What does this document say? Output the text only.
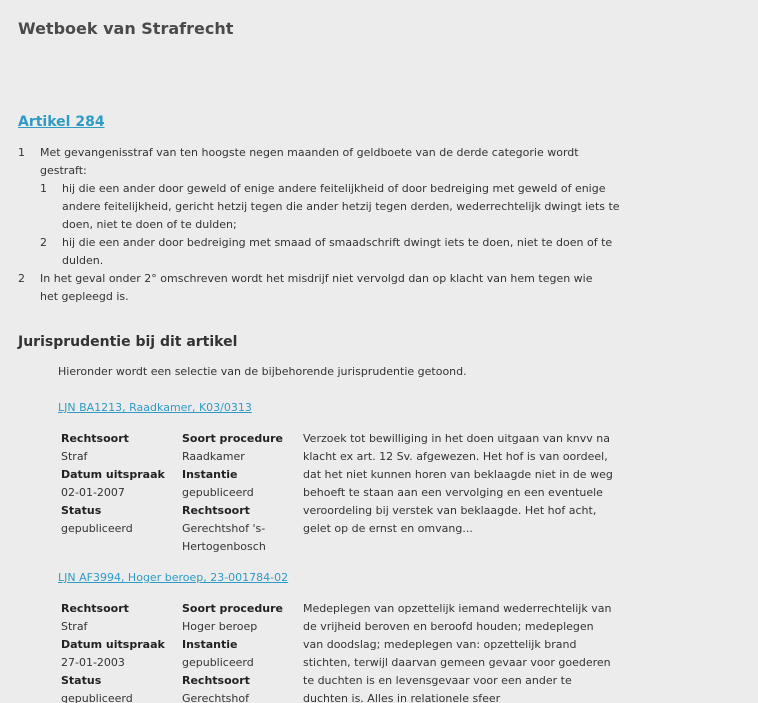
Wetboek van Strafrecht
Artikel 284
1 Met gevangenisstraf van ten hoogste negen maanden of geldboete van de derde categorie wordt gestraft:
1 hij die een ander door geweld of enige andere feitelijkheid of door bedreiging met geweld of enige andere feitelijkheid, gericht hetzij tegen die ander hetzij tegen derden, wederrechtelijk dwingt iets te doen, niet te doen of te dulden;
2 hij die een ander door bedreiging met smaad of smaadschrift dwingt iets te doen, niet te doen of te dulden.
2 In het geval onder 2° omschreven wordt het misdrijf niet vervolgd dan op klacht van hem tegen wie het gepleegd is.
Jurisprudentie bij dit artikel
Hieronder wordt een selectie van de bijbehorende jurisprudentie getoond.
LJN BA1213, Raadkamer, K03/0313
Rechtsoort
Straf
Datum uitspraak
02-01-2007
Status
gepubliceerd
Soort procedure
Raadkamer
Instantie
gepubliceerd
Rechtsoort
Gerechtshof 's-Hertogenbosch
Verzoek tot bewilliging in het doen uitgaan van knvv na klacht ex art. 12 Sv. afgewezen. Het hof is van oordeel, dat het niet kunnen horen van beklaagde niet in de weg behoeft te staan aan een vervolging en een eventuele veroordeling bij verstek van beklaagde. Het hof acht, gelet op de ernst en omvang...
LJN AF3994, Hoger beroep, 23-001784-02
Rechtsoort
Straf
Datum uitspraak
27-01-2003
Status
gepubliceerd
Soort procedure
Hoger beroep
Instantie
gepubliceerd
Rechtsoort
Gerechtshof
Medeplegen van opzettelijk iemand wederrechtelijk van de vrijheid beroven en beroofd houden; medeplegen van doodslag; medeplegen van: opzettelijk brand stichten, terwijl daarvan gemeen gevaar voor goederen te duchten is en levensgevaar voor een ander te duchten is. Alles in relationele sfeer
